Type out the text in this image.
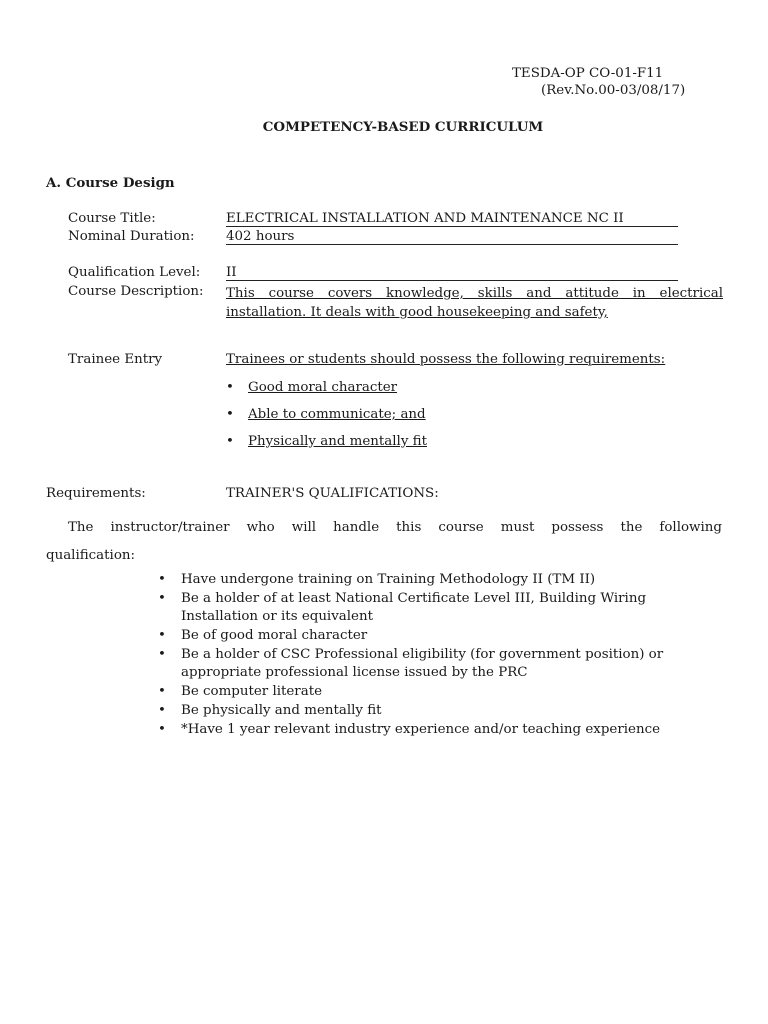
TESDA-OP CO-01-F11
(Rev.No.00-03/08/17)
COMPETENCY-BASED CURRICULUM
A. Course Design
Course Title:	ELECTRICAL INSTALLATION AND MAINTENANCE NC II
Nominal Duration: 402 hours
Qualification Level: II
Course Description: This course covers knowledge, skills and attitude in electrical
installation. It deals with good housekeeping and safety,
Trainee Entry	Trainees or students should possess the following requirements:
• Good moral character
• Able to communicate; and
• Physically and mentally fit
Requirements:	TRAINER'S QUALIFICATIONS:
The instructor/trainer who will handle this course must possess the following
qualification:
• Have undergone training on Training Methodology II (TM II)
• Be a holder of at least National Certificate Level III, Building Wiring
Installation or its equivalent
• Be of good moral character
• Be a holder of CSC Professional eligibility (for government position) or
appropriate professional license issued by the PRC
• Be computer literate
• Be physically and mentally fit
• *Have 1 year relevant industry experience and/or teaching experience
